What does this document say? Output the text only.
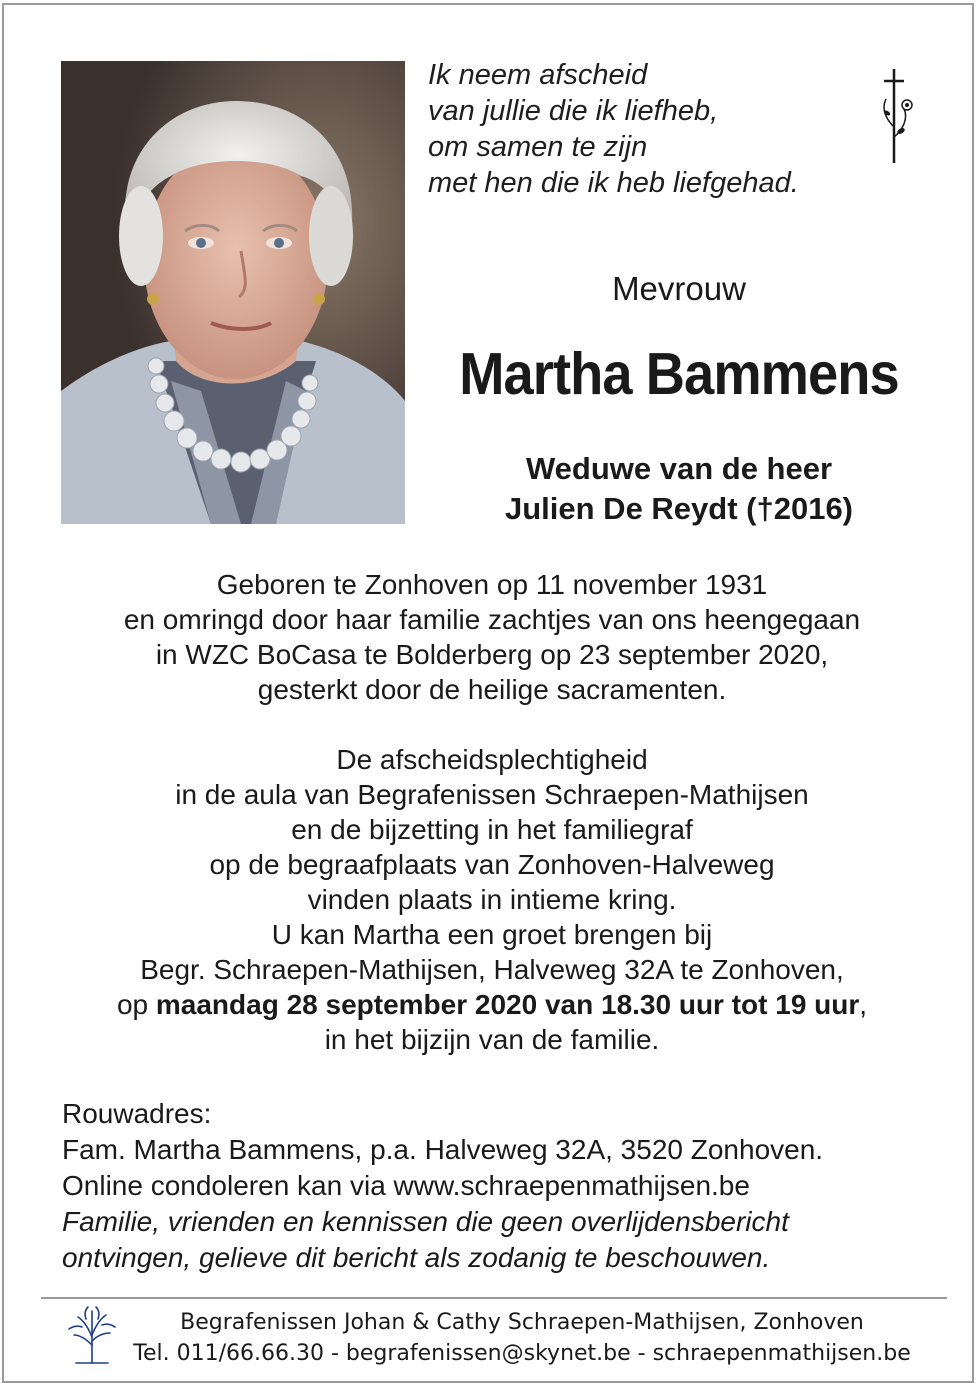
Ik neem afscheid
van jullie die ik liefheb,
om samen te zijn
met hen die ik heb liefgehad.
Mevrouw
Martha Bammens
Weduwe van de heer
Julien De Reydt (†2016)
Geboren te Zonhoven op 11 november 1931
en omringd door haar familie zachtjes van ons heengegaan
in WZC BoCasa te Bolderberg op 23 september 2020,
gesterkt door de heilige sacramenten.
De afscheidsplechtigheid
in de aula van Begrafenissen Schraepen-Mathijsen
en de bijzetting in het familiegraf
op de begraafplaats van Zonhoven-Halveweg
vinden plaats in intieme kring.
U kan Martha een groet brengen bij
Begr. Schraepen-Mathijsen, Halveweg 32A te Zonhoven,
op maandag 28 september 2020 van 18.30 uur tot 19 uur,
in het bijzijn van de familie.
Rouwadres:
Fam. Martha Bammens, p.a. Halveweg 32A, 3520 Zonhoven.
Online condoleren kan via www.schraepenmathijsen.be
Familie, vrienden en kennissen die geen overlijdensbericht
ontvingen, gelieve dit bericht als zodanig te beschouwen.
Begrafenissen Johan & Cathy Schraepen-Mathijsen, Zonhoven
Tel. 011/66.66.30 - begrafenissen@skynet.be - schraepenmathijsen.be
